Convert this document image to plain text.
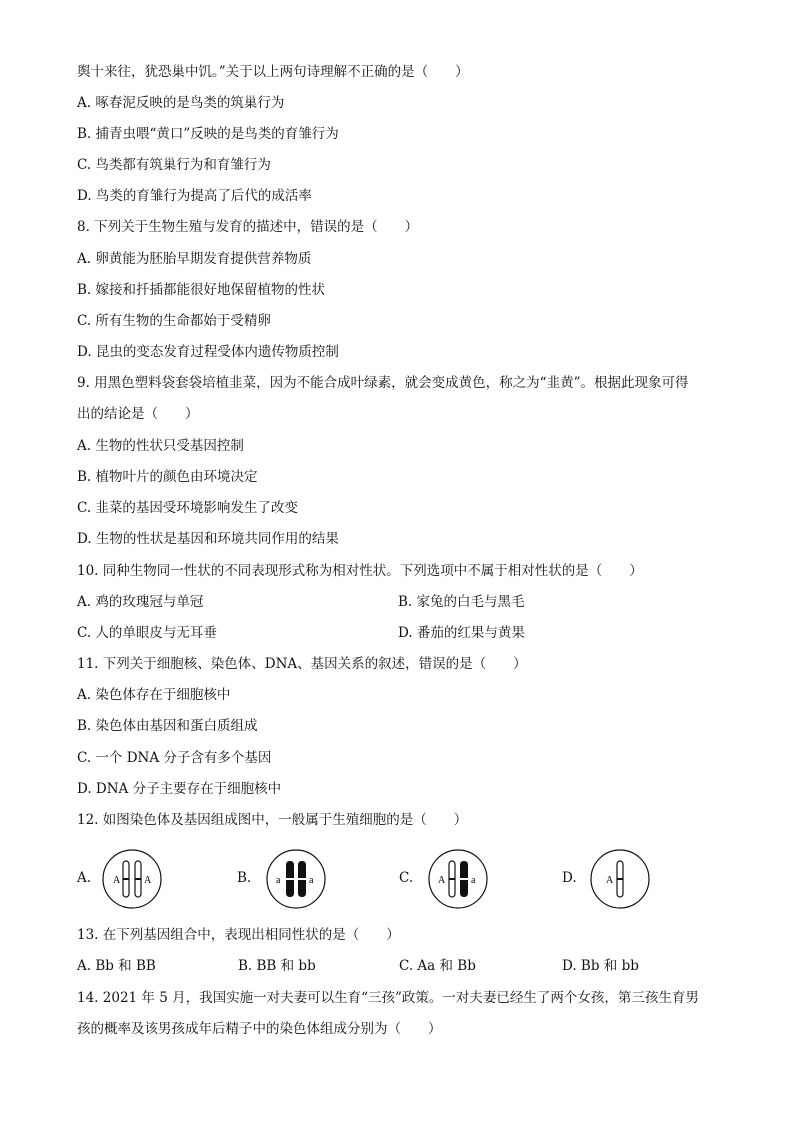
舆十来往，犹恐巢中饥。”关于以上两句诗理解不正确的是（　　）
A. 啄春泥反映的是鸟类的筑巢行为
B. 捕青虫喂“黄口”反映的是鸟类的育雏行为
C. 鸟类都有筑巢行为和育雏行为
D. 鸟类的育雏行为提高了后代的成活率
8. 下列关于生物生殖与发育的描述中，错误的是（　　）
A. 卵黄能为胚胎早期发育提供营养物质
B. 嫁接和扦插都能很好地保留植物的性状
C. 所有生物的生命都始于受精卵
D. 昆虫的变态发育过程受体内遗传物质控制
9. 用黑色塑料袋套袋培植韭菜，因为不能合成叶绿素，就会变成黄色，称之为“韭黄”。根据此现象可得
出的结论是（　　）
A. 生物的性状只受基因控制
B. 植物叶片的颜色由环境决定
C. 韭菜的基因受环境影响发生了改变
D. 生物的性状是基因和环境共同作用的结果
10. 同种生物同一性状的不同表现形式称为相对性状。下列选项中不属于相对性状的是（　　）
A. 鸡的玫瑰冠与单冠	B. 家兔的白毛与黑毛
C. 人的单眼皮与无耳垂	D. 番茄的红果与黄果
11. 下列关于细胞核、染色体、DNA、基因关系的叙述，错误的是（　　）
A. 染色体存在于细胞核中
B. 染色体由基因和蛋白质组成
C. 一个 DNA 分子含有多个基因
D. DNA 分子主要存在于细胞核中
12. 如图染色体及基因组成图中，一般属于生殖细胞的是（　　）
A. A A	B. a	a	C. A	a	D.	A
13. 在下列基因组合中，表现出相同性状的是（　　）
A. Bb 和 BB	B. BB 和 bb	C. Aa 和 Bb	D. Bb 和 bb
14. 2021 年 5 月，我国实施一对夫妻可以生育“三孩”政策。一对夫妻已经生了两个女孩，第三孩生育男
孩的概率及该男孩成年后精子中的染色体组成分别为（　　）
